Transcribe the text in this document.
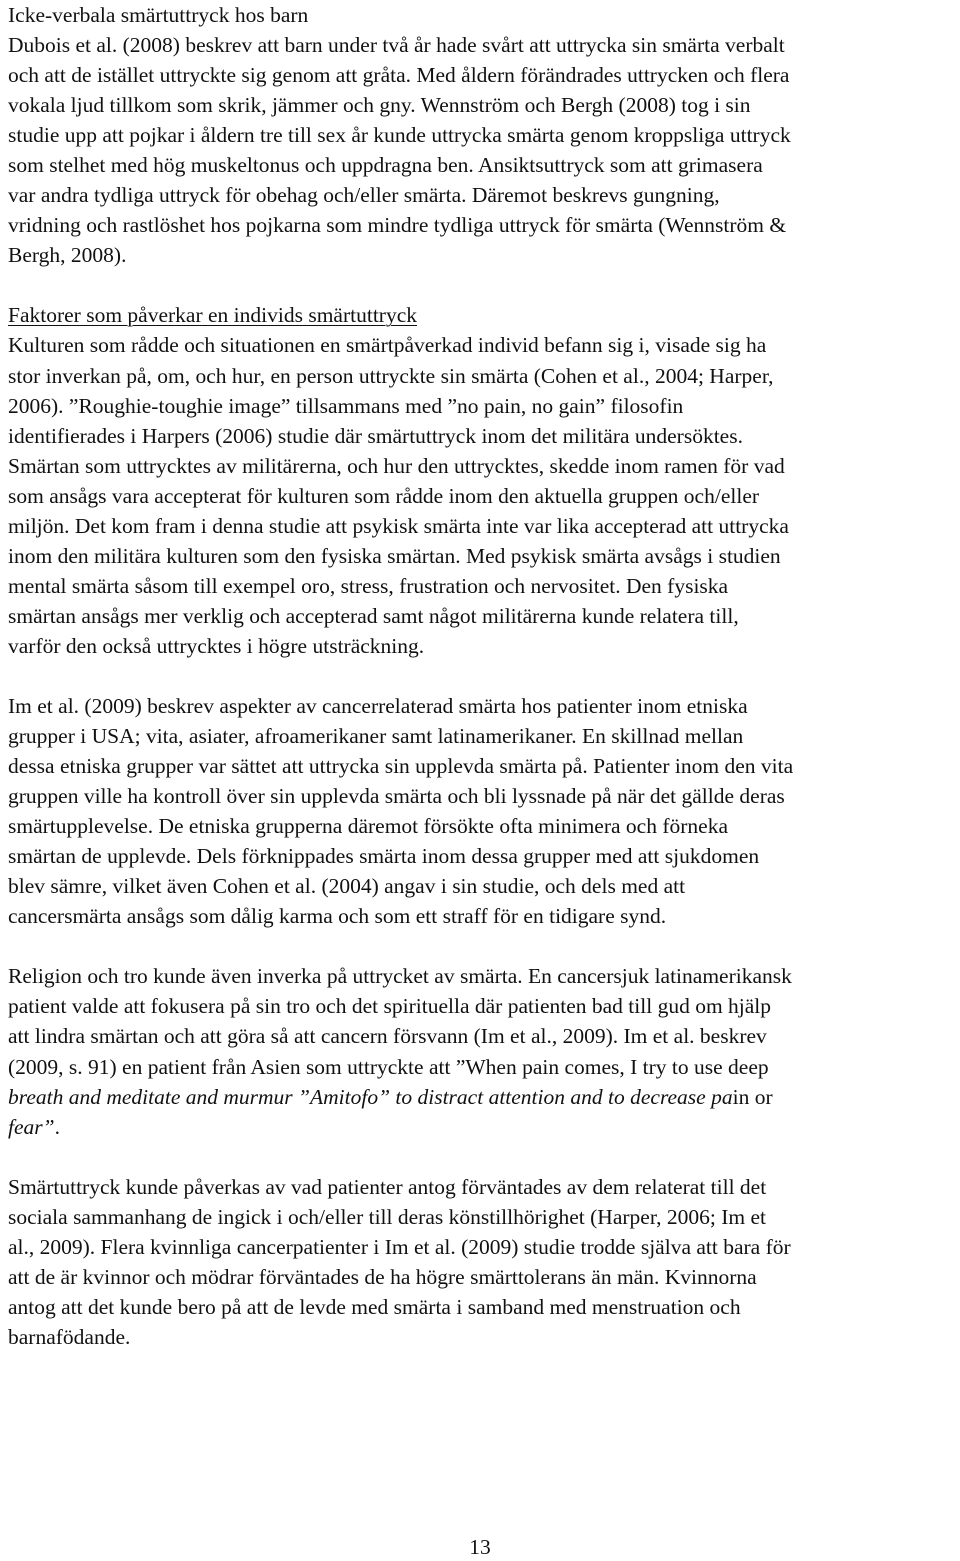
Icke-verbala smärtuttryck hos barn
Dubois et al. (2008) beskrev att barn under två år hade svårt att uttrycka sin smärta verbalt
och att de istället uttryckte sig genom att gråta. Med åldern förändrades uttrycken och flera
vokala ljud tillkom som skrik, jämmer och gny. Wennström och Bergh (2008) tog i sin
studie upp att pojkar i åldern tre till sex år kunde uttrycka smärta genom kroppsliga uttryck
som stelhet med hög muskeltonus och uppdragna ben. Ansiktsuttryck som att grimasera
var andra tydliga uttryck för obehag och/eller smärta. Däremot beskrevs gungning,
vridning och rastlöshet hos pojkarna som mindre tydliga uttryck för smärta (Wennström &
Bergh, 2008).
Faktorer som påverkar en individs smärtuttryck
Kulturen som rådde och situationen en smärtpåverkad individ befann sig i, visade sig ha
stor inverkan på, om, och hur, en person uttryckte sin smärta (Cohen et al., 2004; Harper,
2006). ”Roughie-toughie image” tillsammans med ”no pain, no gain” filosofin
identifierades i Harpers (2006) studie där smärtuttryck inom det militära undersöktes.
Smärtan som uttrycktes av militärerna, och hur den uttrycktes, skedde inom ramen för vad
som ansågs vara accepterat för kulturen som rådde inom den aktuella gruppen och/eller
miljön. Det kom fram i denna studie att psykisk smärta inte var lika accepterad att uttrycka
inom den militära kulturen som den fysiska smärtan. Med psykisk smärta avsågs i studien
mental smärta såsom till exempel oro, stress, frustration och nervositet. Den fysiska
smärtan ansågs mer verklig och accepterad samt något militärerna kunde relatera till,
varför den också uttrycktes i högre utsträckning.
Im et al. (2009) beskrev aspekter av cancerrelaterad smärta hos patienter inom etniska
grupper i USA; vita, asiater, afroamerikaner samt latinamerikaner. En skillnad mellan
dessa etniska grupper var sättet att uttrycka sin upplevda smärta på. Patienter inom den vita
gruppen ville ha kontroll över sin upplevda smärta och bli lyssnade på när det gällde deras
smärtupplevelse. De etniska grupperna däremot försökte ofta minimera och förneka
smärtan de upplevde. Dels förknippades smärta inom dessa grupper med att sjukdomen
blev sämre, vilket även Cohen et al. (2004) angav i sin studie, och dels med att
cancersmärta ansågs som dålig karma och som ett straff för en tidigare synd.
Religion och tro kunde även inverka på uttrycket av smärta. En cancersjuk latinamerikansk
patient valde att fokusera på sin tro och det spirituella där patienten bad till gud om hjälp
att lindra smärtan och att göra så att cancern försvann (Im et al., 2009). Im et al. beskrev
(2009, s. 91) en patient från Asien som uttryckte att ”When pain comes, I try to use deep
breath and meditate and murmur ”Amitofo” to distract attention and to decrease pain or
fear”.
Smärtuttryck kunde påverkas av vad patienter antog förväntades av dem relaterat till det
sociala sammanhang de ingick i och/eller till deras könstillhörighet (Harper, 2006; Im et
al., 2009). Flera kvinnliga cancerpatienter i Im et al. (2009) studie trodde själva att bara för
att de är kvinnor och mödrar förväntades de ha högre smärttolerans än män. Kvinnorna
antog att det kunde bero på att de levde med smärta i samband med menstruation och
barnafödande.
13
